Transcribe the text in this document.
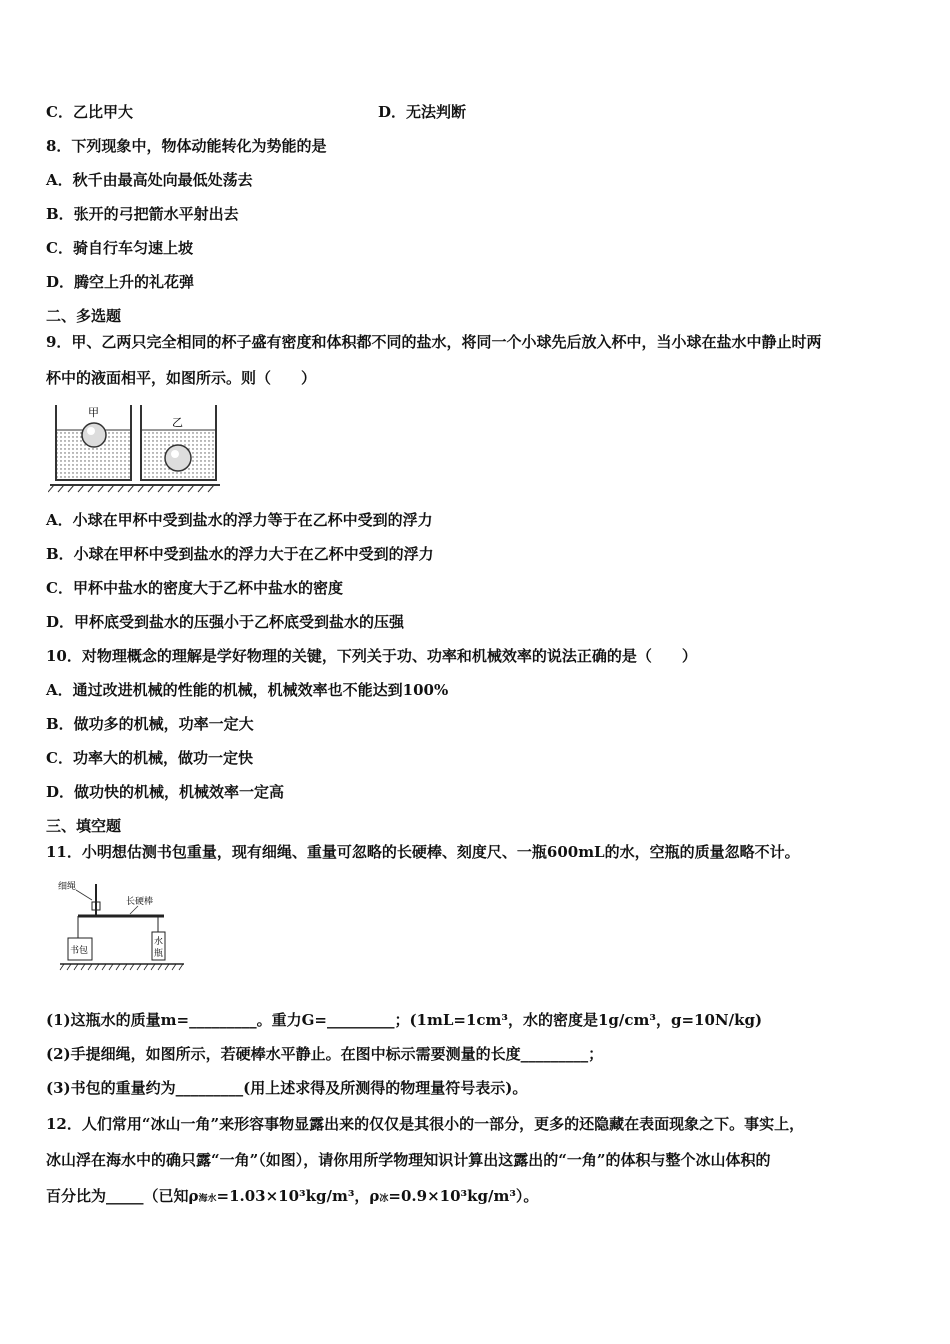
C．乙比甲大	D．无法判断
8．下列现象中，物体动能转化为势能的是
A．秋千由最高处向最低处荡去
B．张开的弓把箭水平射出去
C．骑自行车匀速上坡
D．腾空上升的礼花弹
二、多选题
9．甲、乙两只完全相同的杯子盛有密度和体积都不同的盐水，将同一个小球先后放入杯中，当小球在盐水中静止时两
杯中的液面相平，如图所示。则（　　）
甲
乙
A．小球在甲杯中受到盐水的浮力等于在乙杯中受到的浮力
B．小球在甲杯中受到盐水的浮力大于在乙杯中受到的浮力
C．甲杯中盐水的密度大于乙杯中盐水的密度
D．甲杯底受到盐水的压强小于乙杯底受到盐水的压强
10．对物理概念的理解是学好物理的关键，下列关于功、功率和机械效率的说法正确的是（　　）
A．通过改进机械的性能的机械，机械效率也不能达到100%
B．做功多的机械，功率一定大
C．功率大的机械，做功一定快
D．做功快的机械，机械效率一定高
三、填空题
11．小明想估测书包重量，现有细绳、重量可忽略的长硬棒、刻度尺、一瓶600mL的水，空瓶的质量忽略不计。
细绳
长硬棒
书包
水
瓶
(1)这瓶水的质量m=_________。重力G=_________；(1mL=1cm³，水的密度是1g/cm³，g=10N/kg)
(2)手提细绳，如图所示，若硬棒水平静止。在图中标示需要测量的长度_________；
(3)书包的重量约为_________(用上述求得及所测得的物理量符号表示)。
12．人们常用“冰山一角”来形容事物显露出来的仅仅是其很小的一部分，更多的还隐藏在表面现象之下。事实上，
冰山浮在海水中的确只露“一角”（如图），请你用所学物理知识计算出这露出的“一角”的体积与整个冰山体积的
百分比为_____（已知ρ海水=1.03×10³kg/m³，ρ冰=0.9×10³kg/m³）。
